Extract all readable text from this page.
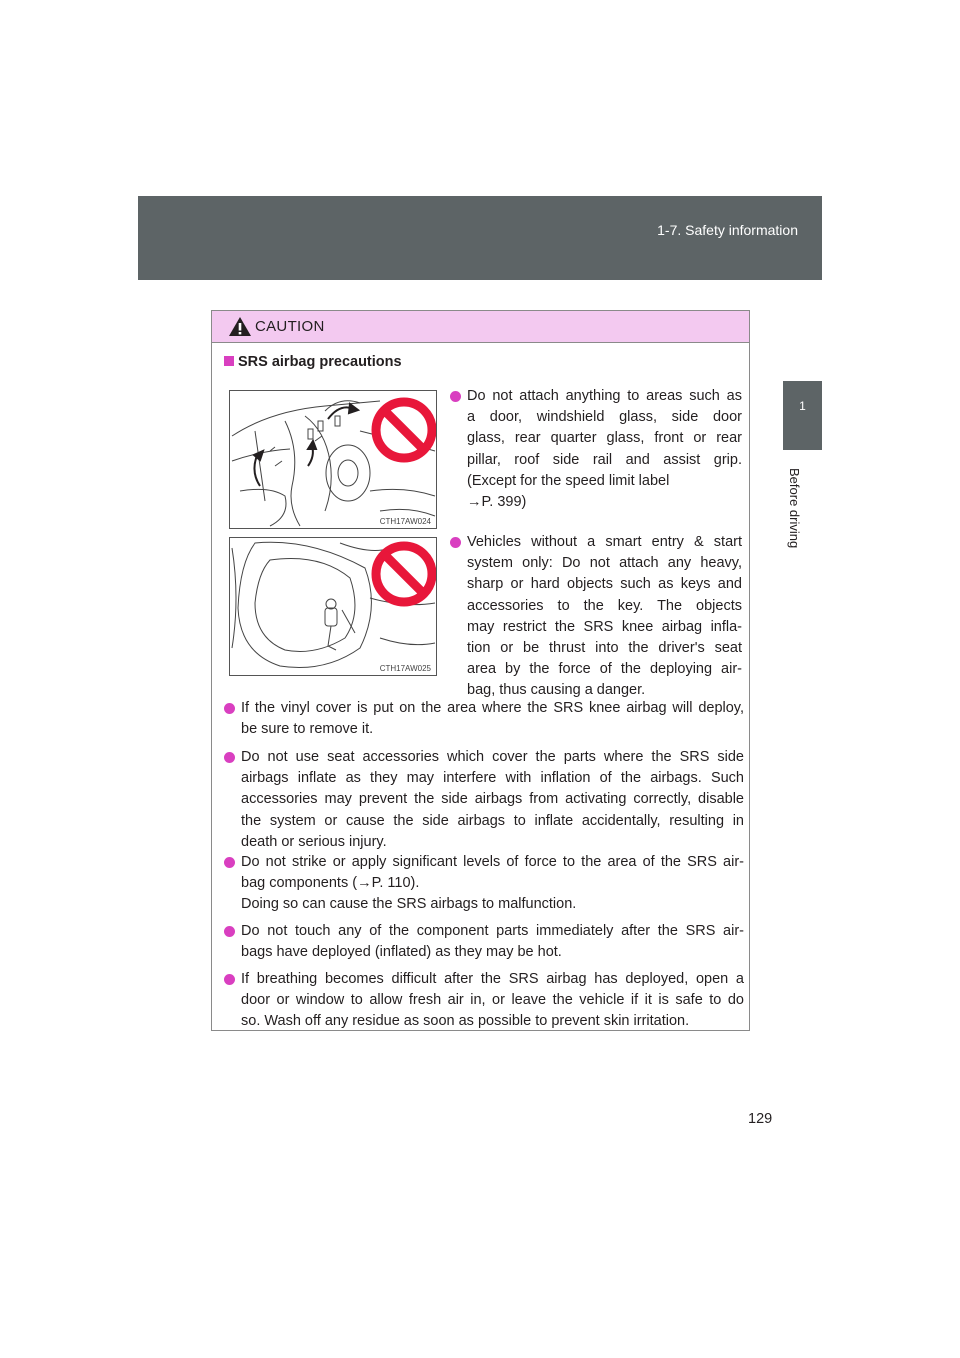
1-7. Safety information
1
Before driving
CAUTION
SRS airbag precautions
CTH17AW024
CTH17AW025
Do not attach anything to areas such as
a door, windshield glass, side door
glass, rear quarter glass, front or rear
pillar, roof side rail and assist grip.
(Except for the speed limit label
→P. 399)
Vehicles without a smart entry & start
system only: Do not attach any heavy,
sharp or hard objects such as keys and
accessories to the key. The objects
may restrict the SRS knee airbag infla-
tion or be thrust into the driver's seat
area by the force of the deploying air-
bag, thus causing a danger.
If the vinyl cover is put on the area where the SRS knee airbag will deploy,
be sure to remove it.
Do not use seat accessories which cover the parts where the SRS side
airbags inflate as they may interfere with inflation of the airbags. Such
accessories may prevent the side airbags from activating correctly, disable
the system or cause the side airbags to inflate accidentally, resulting in
death or serious injury.
Do not strike or apply significant levels of force to the area of the SRS air-
bag components (→P. 110).
Doing so can cause the SRS airbags to malfunction.
Do not touch any of the component parts immediately after the SRS air-
bags have deployed (inflated) as they may be hot.
If breathing becomes difficult after the SRS airbag has deployed, open a
door or window to allow fresh air in, or leave the vehicle if it is safe to do
so. Wash off any residue as soon as possible to prevent skin irritation.
129
